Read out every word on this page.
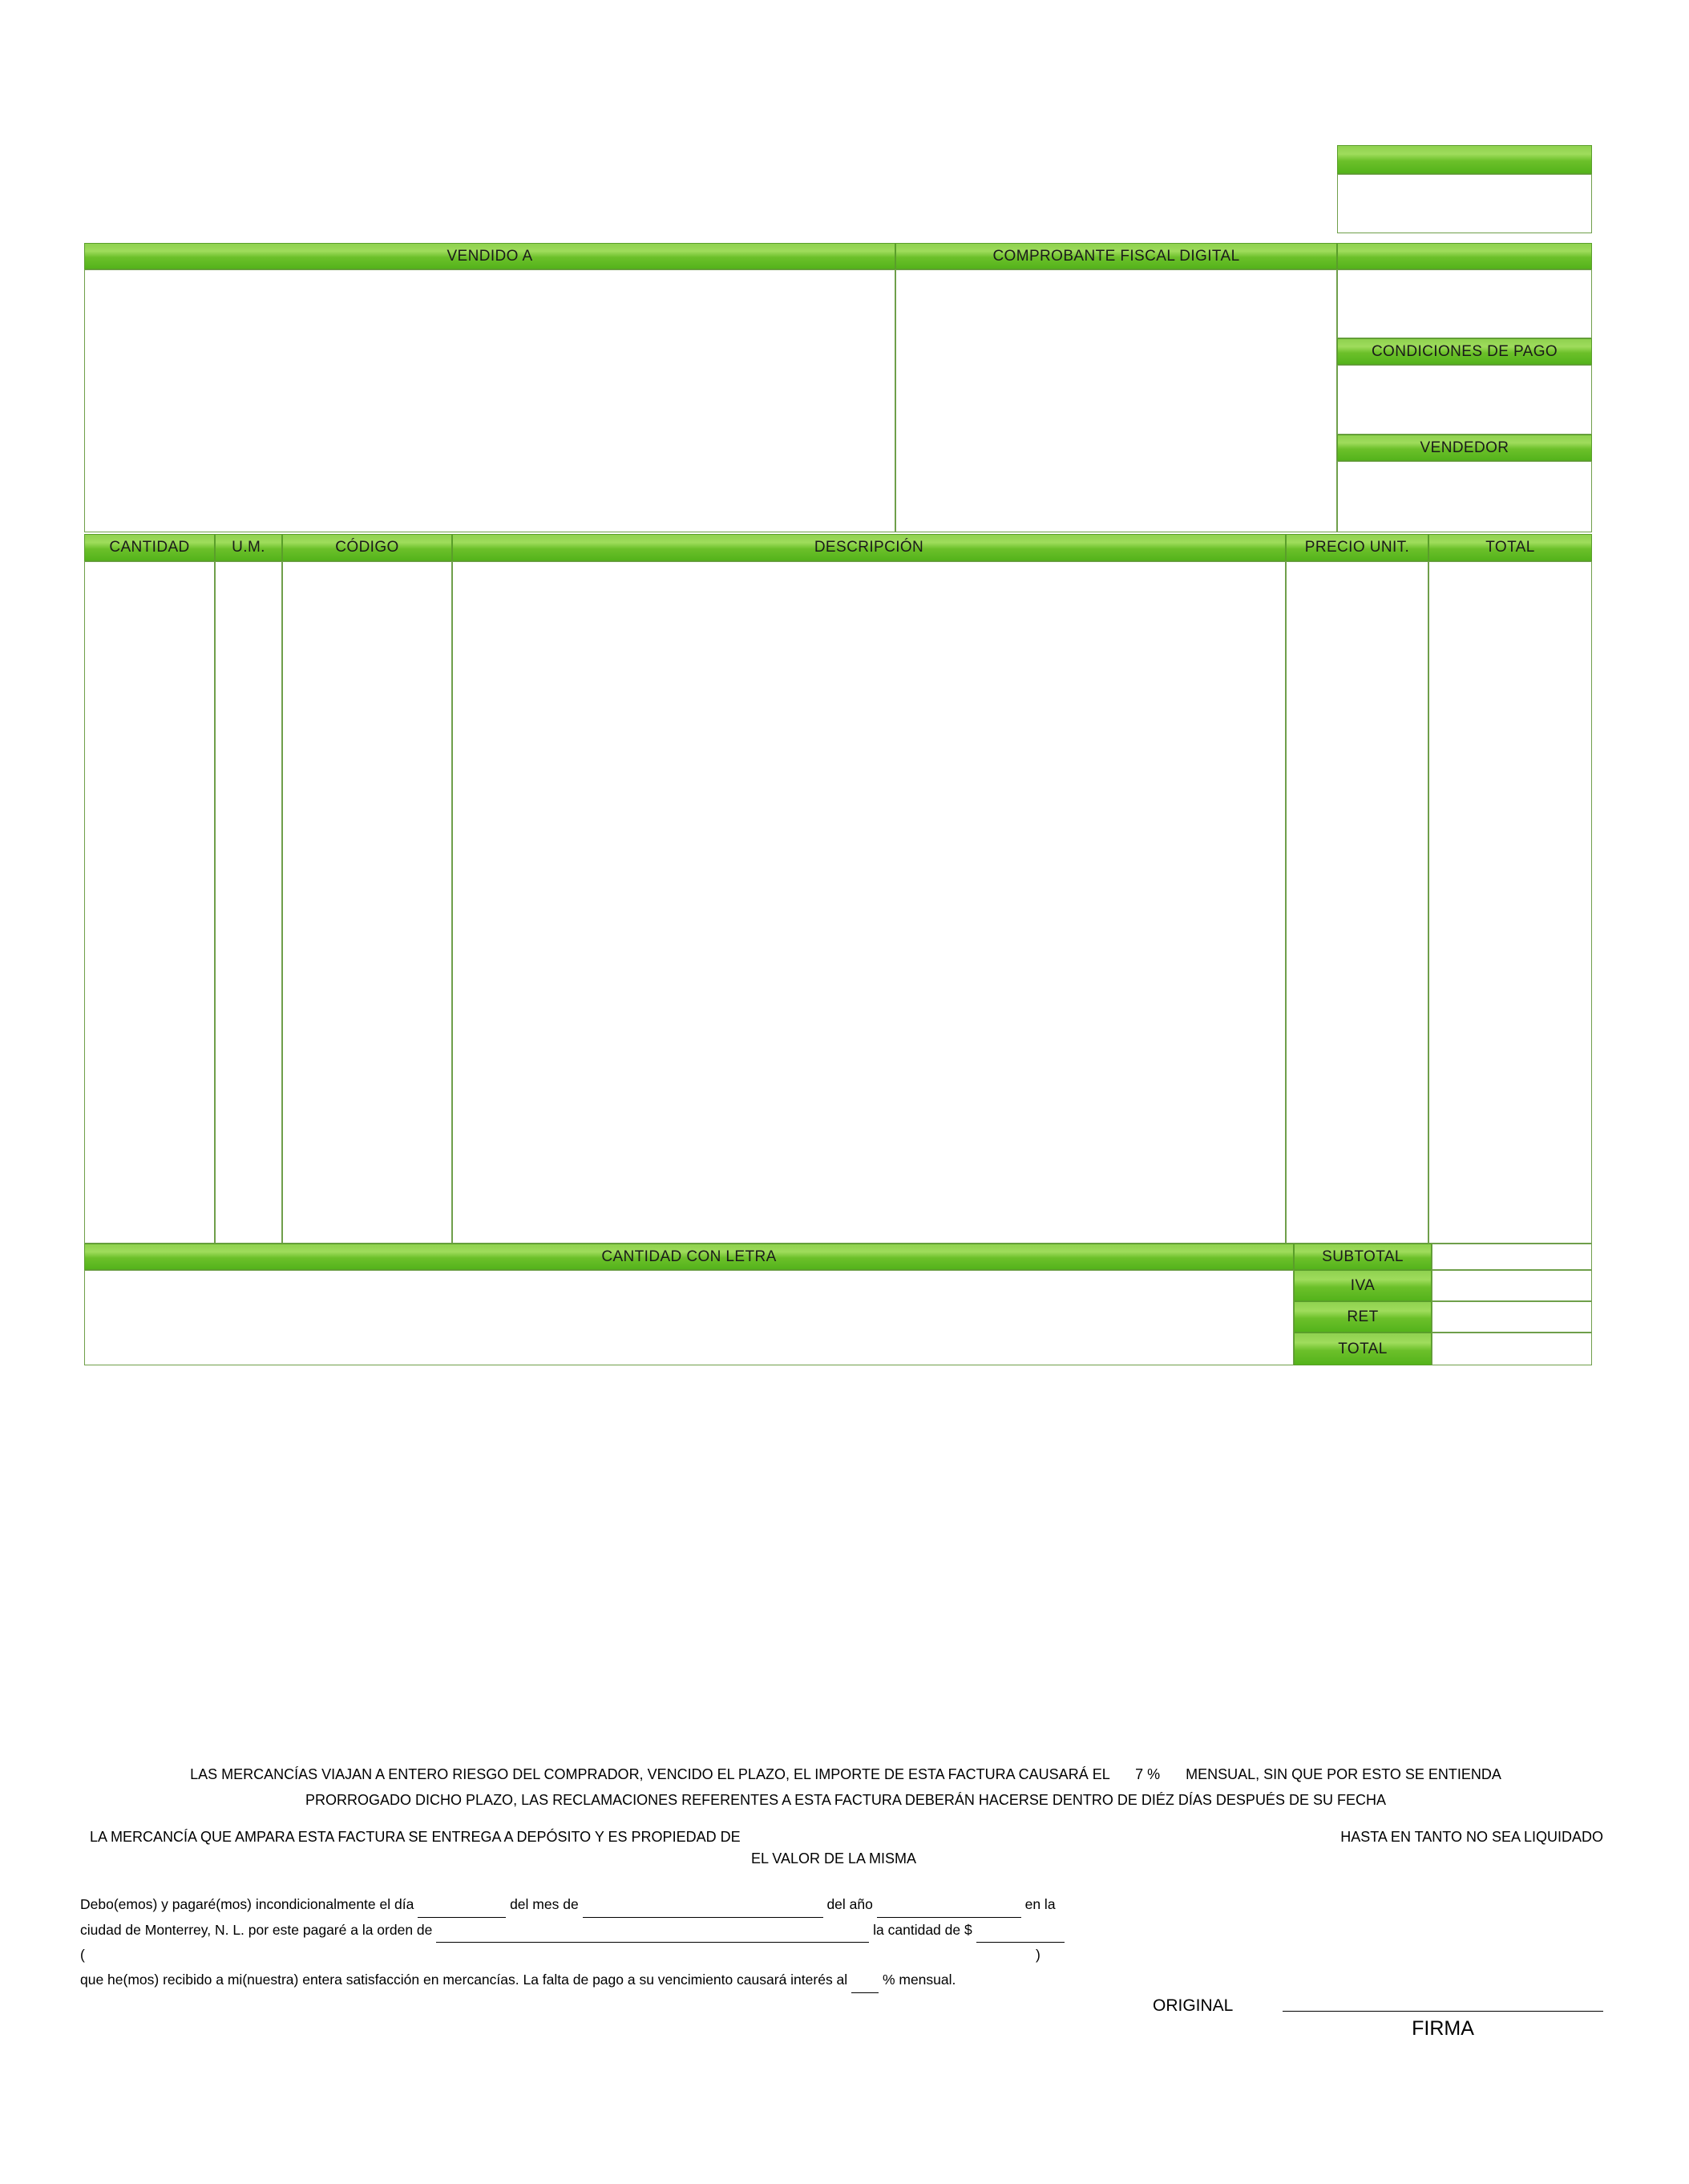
VENDIDO A	COMPROBANTE FISCAL DIGITAL
CONDICIONES DE PAGO
VENDEDOR
CANTIDAD	U.M.	CÓDIGO	DESCRIPCIÓN	PRECIO UNIT.	TOTAL
CANTIDAD CON LETRA	SUBTOTAL
IVA
RET
TOTAL
LAS MERCANCÍAS VIAJAN A ENTERO RIESGO DEL COMPRADOR, VENCIDO EL PLAZO, EL IMPORTE DE ESTA FACTURA CAUSARÁ EL 7 % MENSUAL, SIN QUE POR ESTO SE ENTIENDA
PRORROGADO DICHO PLAZO, LAS RECLAMACIONES REFERENTES A ESTA FACTURA DEBERÁN HACERSE DENTRO DE DIÉZ DÍAS DESPUÉS DE SU FECHA
LA MERCANCÍA QUE AMPARA ESTA FACTURA SE ENTREGA A DEPÓSITO Y ES PROPIEDAD DE	HASTA EN TANTO NO SEA LIQUIDADO
EL VALOR DE LA MISMA
Debo(emos) y pagaré(mos) incondicionalmente el día	del mes de	del año	en la
ciudad de Monterrey, N. L. por este pagaré a la orden de	la cantidad de $
(	)
que he(mos) recibido a mi(nuestra) entera satisfacción en mercancías. La falta de pago a su vencimiento causará interés al	% mensual.
ORIGINAL
FIRMA
